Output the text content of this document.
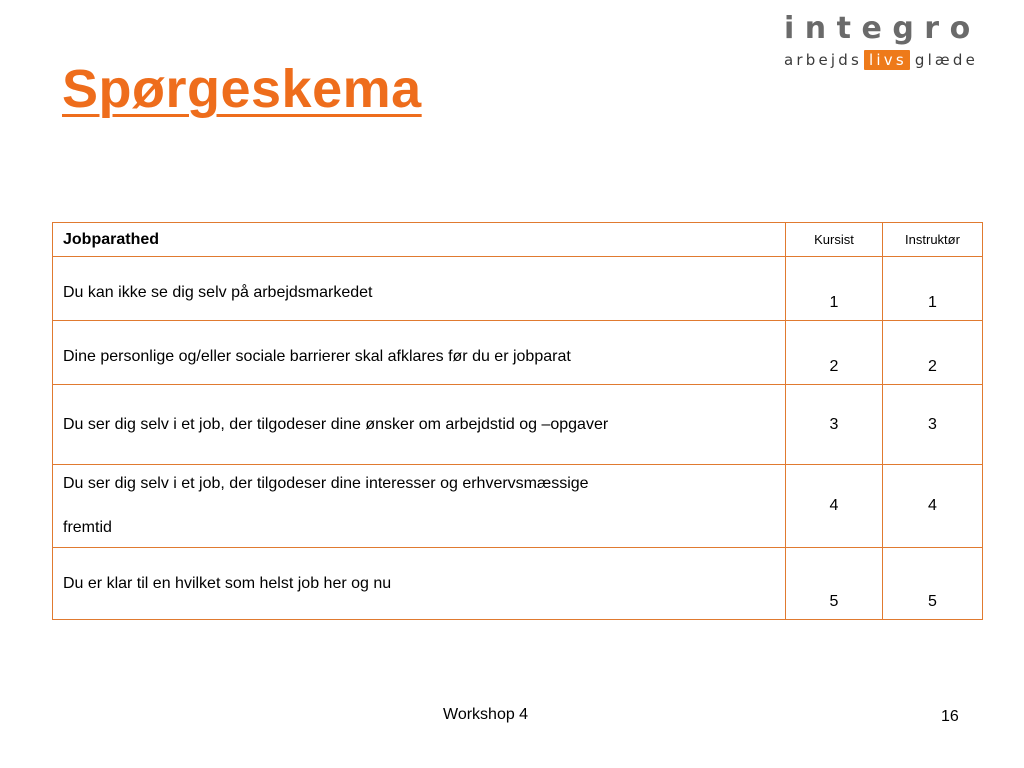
Spørgeskema
integro
arbejds livs glæde
Jobparathed	Kursist	Instruktør
Du kan ikke se dig selv på arbejdsmarkedet	1	1
Dine personlige og/eller sociale barrierer skal afklares før du er jobparat	2	2
Du ser dig selv i et job, der tilgodeser dine ønsker om arbejdstid og –opgaver	3	3

Du ser dig selv i et job, der tilgodeser dine interesser og erhvervsmæssige
fremtid	4	4
Du er klar til en hvilket som helst job her og nu	5	5
Workshop 4	16
